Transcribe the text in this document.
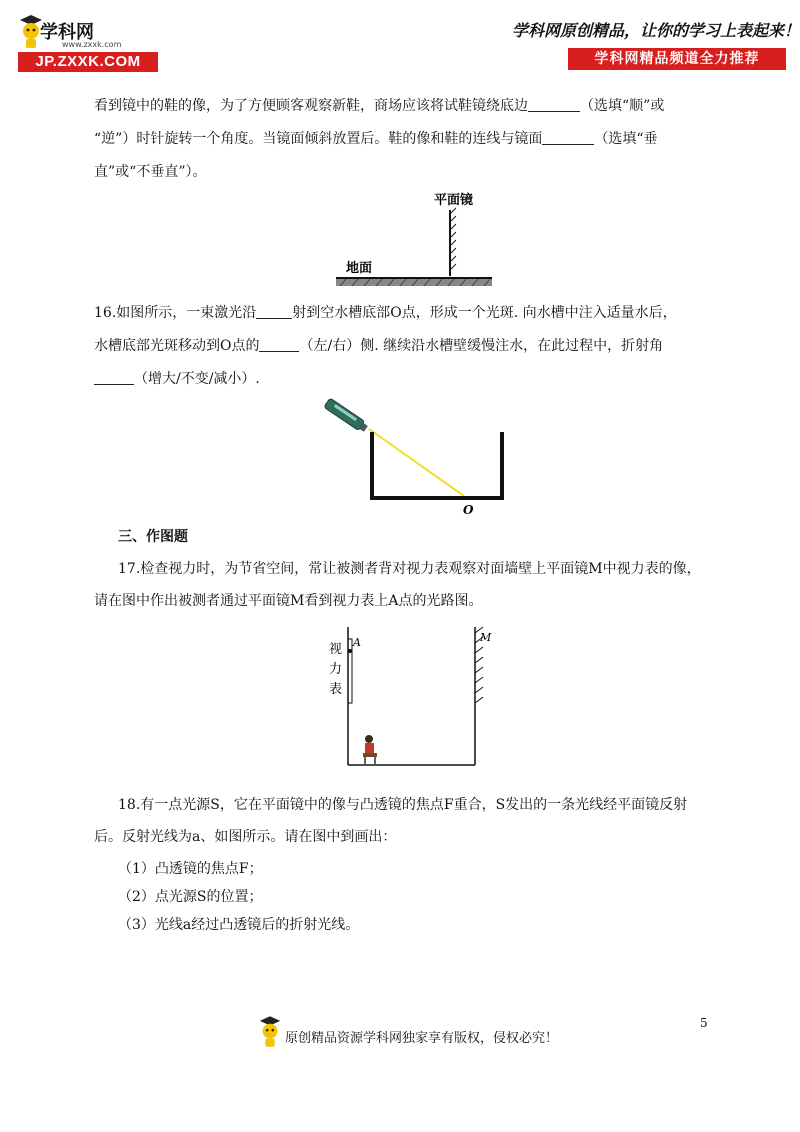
学科网
www.zxxk.com
JP.ZXXK.COM
学科网原创精品，让你的学习上表起来！
学科网精品频道全力推荐
看到镜中的鞋的像，为了方便顾客观察新鞋，商场应该将试鞋镜绕底边	（选填“顺”或
“逆”）时针旋转一个角度。当镜面倾斜放置后。鞋的像和鞋的连线与镜面	（选填“垂
直”或“不垂直”）。
平面镜
地面
16.如图所示，一束激光沿	射到空水槽底部O点，形成一个光斑. 向水槽中注入适量水后，
水槽底部光斑移动到O点的	（左/右）侧. 继续沿水槽壁缓慢注水，在此过程中，折射角
（增大/不变/减小）.
O
三、作图题
17.检查视力时，为节省空间，常让被测者背对视力表观察对面墙壁上平面镜M中视力表的像，
请在图中作出被测者通过平面镜M看到视力表上A点的光路图。
A	M
视
力
表
18.有一点光源S，它在平面镜中的像与凸透镜的焦点F重合，S发出的一条光线经平面镜反射
后。反射光线为a、如图所示。请在图中到画出：
（1）凸透镜的焦点F；
（2）点光源S的位置；
（3）光线a经过凸透镜后的折射光线。
5
原创精品资源学科网独家享有版权，侵权必究！
